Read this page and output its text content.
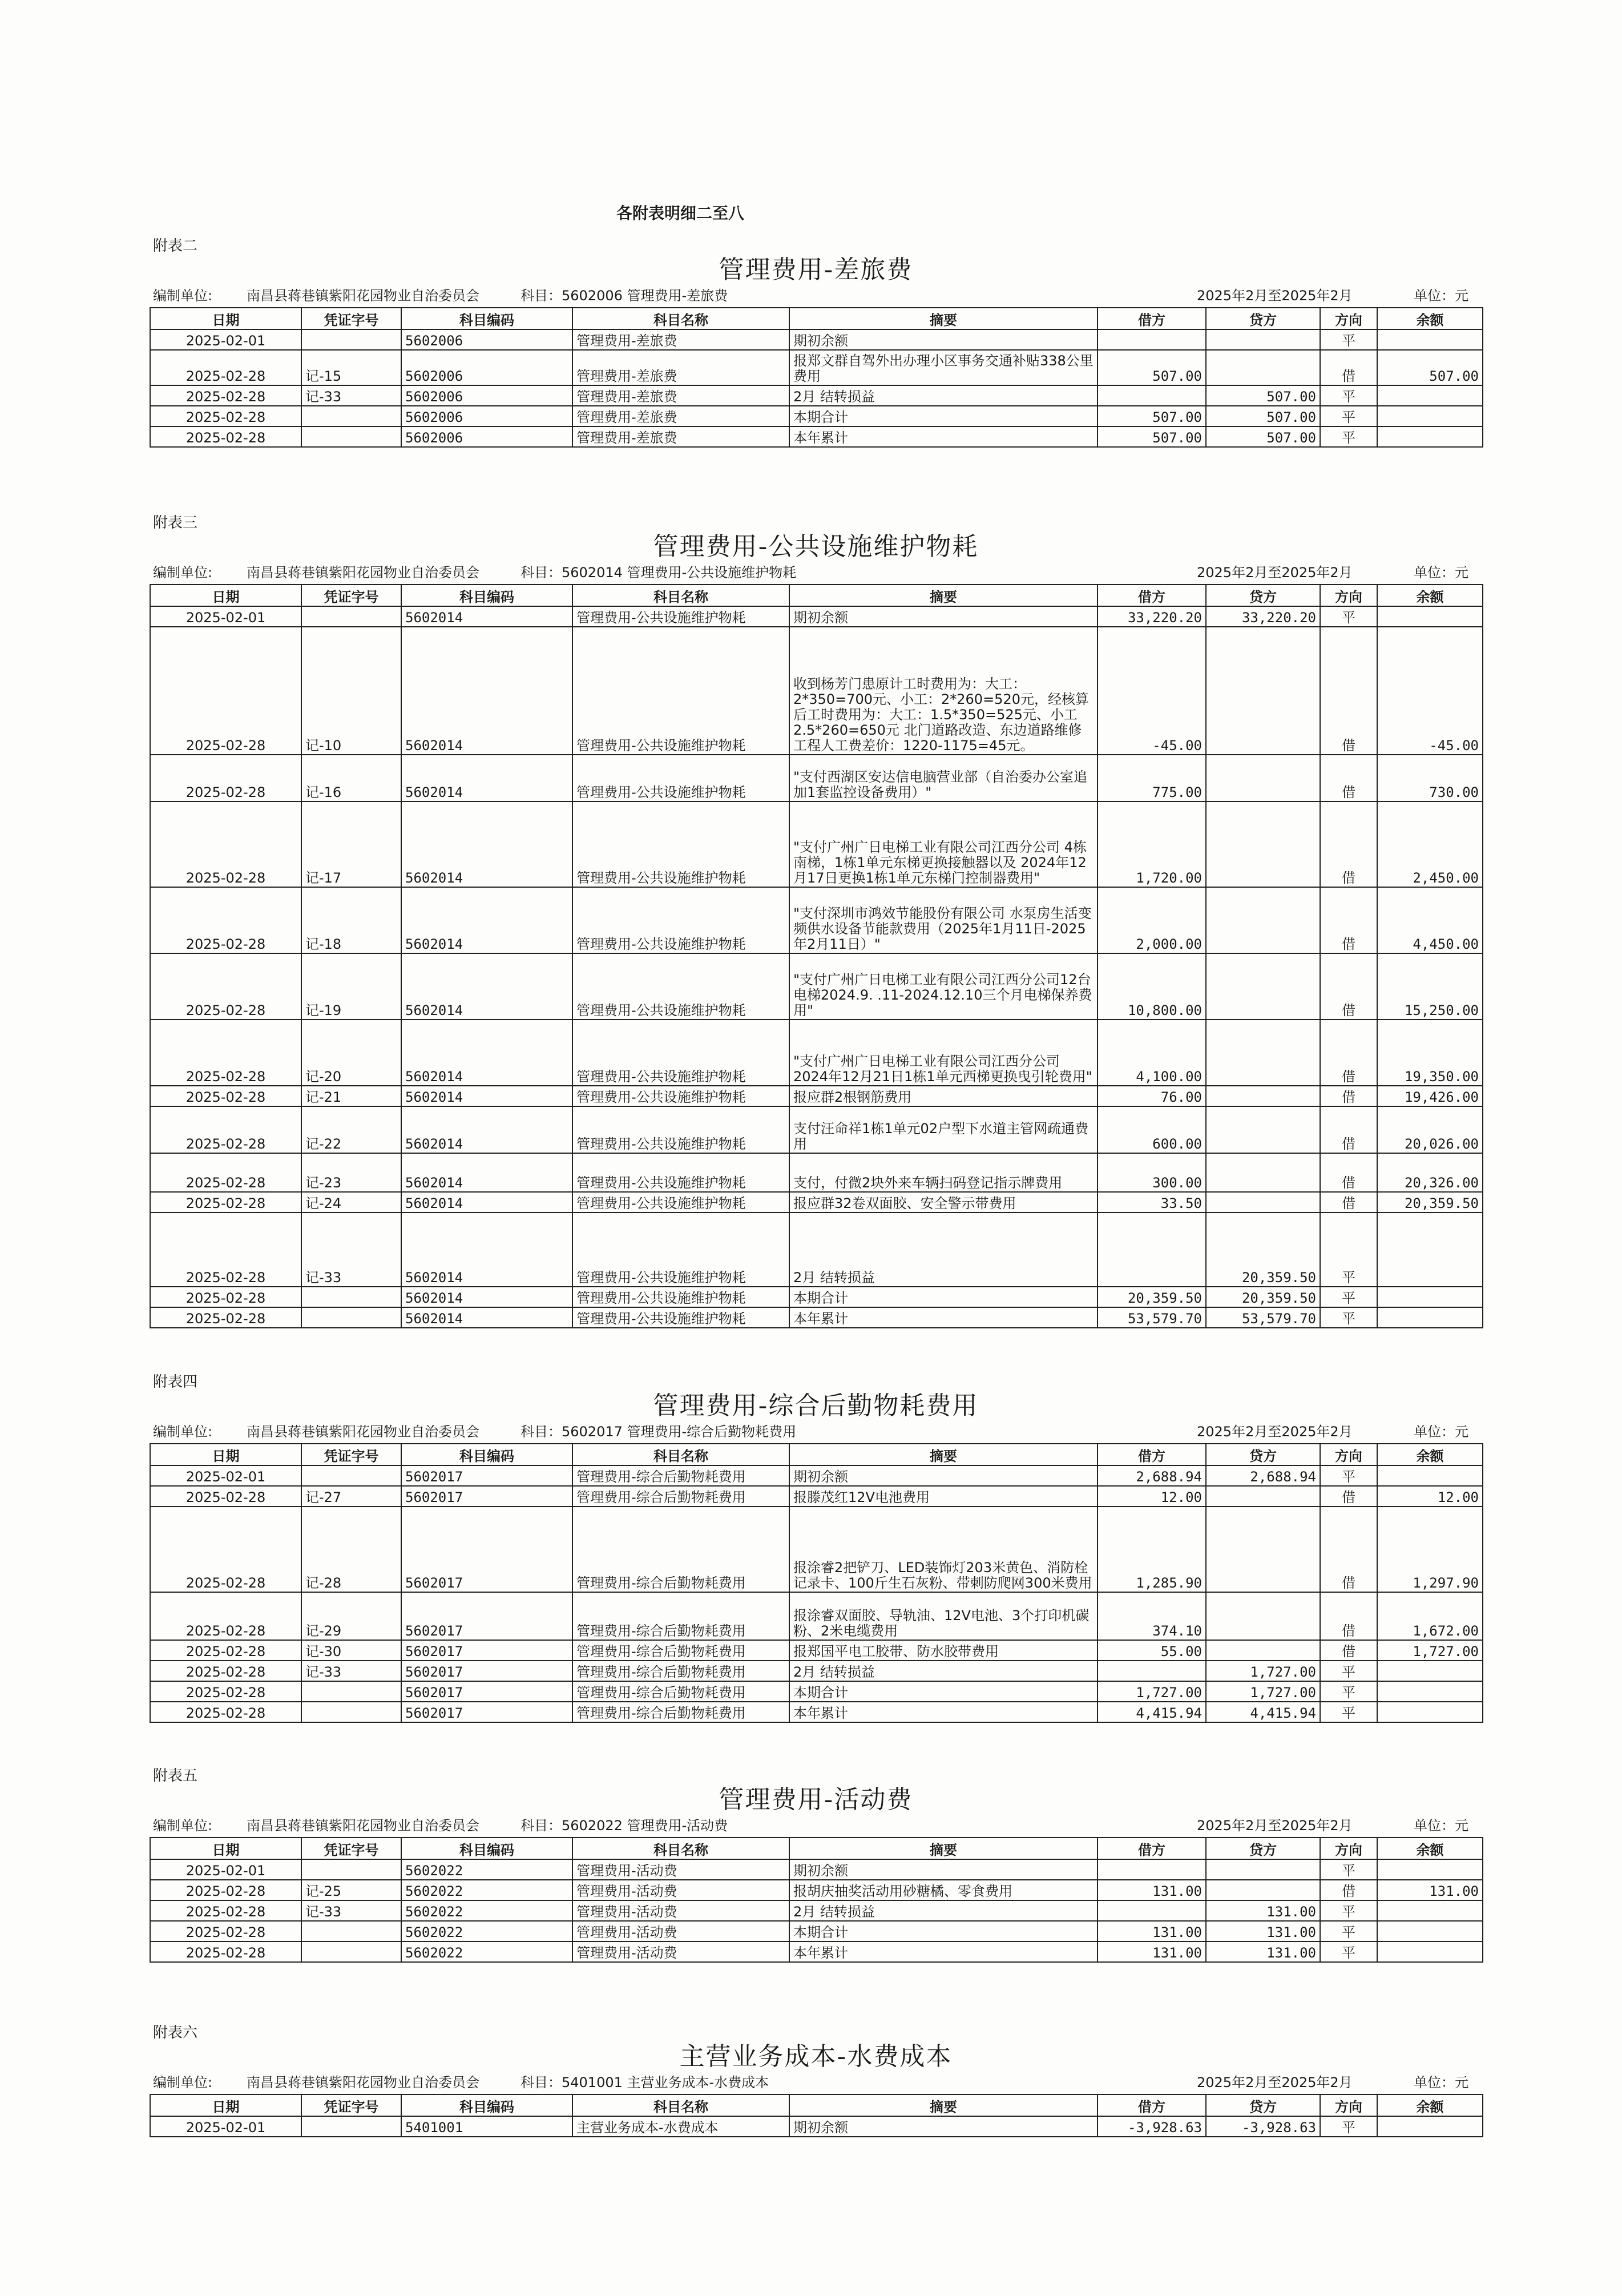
各附表明细二至八
附表二
管理费用-差旅费
编制单位: 南昌县蒋巷镇紫阳花园物业自治委员会	科目：5602006 管理费用-差旅费	2025年2月至2025年2月	单位：元
日期	凭证字号	科目编码	科目名称	摘要	借方	贷方	方向	余额
2025-02-01		5602006	管理费用-差旅费	期初余额			平	
2025-02-28	记-15	5602006	管理费用-差旅费	报郑文群自驾外出办理小区事务交通补贴338公里费用	507.00		借	507.00
2025-02-28	记-33	5602006	管理费用-差旅费	2月 结转损益		507.00	平	
2025-02-28		5602006	管理费用-差旅费	本期合计	507.00	507.00	平	
2025-02-28		5602006	管理费用-差旅费	本年累计	507.00	507.00	平	
附表三
管理费用-公共设施维护物耗
编制单位: 南昌县蒋巷镇紫阳花园物业自治委员会	科目：5602014 管理费用-公共设施维护物耗	2025年2月至2025年2月	单位：元
日期	凭证字号	科目编码	科目名称	摘要	借方	贷方	方向	余额
2025-02-01		5602014	管理费用-公共设施维护物耗	期初余额	33,220.20	33,220.20	平	
2025-02-28	记-10	5602014	管理费用-公共设施维护物耗	收到杨芳门患原计工时费用为：大工：2*350=700元、小工：2*260=520元，经核算后工时费用为：大工：1.5*350=525元、小工2.5*260=650元 北门道路改造、东边道路维修工程人工费差价：1220-1175=45元。	-45.00		借	-45.00
2025-02-28	记-16	5602014	管理费用-公共设施维护物耗	"支付西湖区安达信电脑营业部（自治委办公室追加1套监控设备费用）"	775.00		借	730.00
2025-02-28	记-17	5602014	管理费用-公共设施维护物耗	"支付广州广日电梯工业有限公司江西分公司 4栋南梯，1栋1单元东梯更换接触器以及 2024年12月17日更换1栋1单元东梯门控制器费用"	1,720.00		借	2,450.00
2025-02-28	记-18	5602014	管理费用-公共设施维护物耗	"支付深圳市鸿效节能股份有限公司 水泵房生活变频供水设备节能款费用（2025年1月11日-2025年2月11日）"	2,000.00		借	4,450.00
2025-02-28	记-19	5602014	管理费用-公共设施维护物耗	"支付广州广日电梯工业有限公司江西分公司12台电梯2024.9. .11-2024.12.10三个月电梯保养费用"	10,800.00		借	15,250.00
2025-02-28	记-20	5602014	管理费用-公共设施维护物耗	"支付广州广日电梯工业有限公司江西分公司 2024年12月21日1栋1单元西梯更换曳引轮费用"	4,100.00		借	19,350.00
2025-02-28	记-21	5602014	管理费用-公共设施维护物耗	报应群2根钢筋费用	76.00		借	19,426.00
2025-02-28	记-22	5602014	管理费用-公共设施维护物耗	支付汪命祥1栋1单元02户型下水道主管网疏通费用	600.00		借	20,026.00
2025-02-28	记-23	5602014	管理费用-公共设施维护物耗	支付，付微2块外来车辆扫码登记指示牌费用	300.00		借	20,326.00
2025-02-28	记-24	5602014	管理费用-公共设施维护物耗	报应群32卷双面胶、安全警示带费用	33.50		借	20,359.50
2025-02-28	记-33	5602014	管理费用-公共设施维护物耗	2月 结转损益		20,359.50	平	
2025-02-28		5602014	管理费用-公共设施维护物耗	本期合计	20,359.50	20,359.50	平	
2025-02-28		5602014	管理费用-公共设施维护物耗	本年累计	53,579.70	53,579.70	平	
附表四
管理费用-综合后勤物耗费用
编制单位: 南昌县蒋巷镇紫阳花园物业自治委员会	科目：5602017 管理费用-综合后勤物耗费用	2025年2月至2025年2月	单位：元
日期	凭证字号	科目编码	科目名称	摘要	借方	贷方	方向	余额
2025-02-01		5602017	管理费用-综合后勤物耗费用	期初余额	2,688.94	2,688.94	平	
2025-02-28	记-27	5602017	管理费用-综合后勤物耗费用	报滕茂红12V电池费用	12.00		借	12.00
2025-02-28	记-28	5602017	管理费用-综合后勤物耗费用	报涂睿2把铲刀、LED装饰灯203米黄色、消防栓记录卡、100斤生石灰粉、带刺防爬网300米费用	1,285.90		借	1,297.90
2025-02-28	记-29	5602017	管理费用-综合后勤物耗费用	报涂睿双面胶、导轨油、12V电池、3个打印机碳粉、2米电缆费用	374.10		借	1,672.00
2025-02-28	记-30	5602017	管理费用-综合后勤物耗费用	报郑国平电工胶带、防水胶带费用	55.00		借	1,727.00
2025-02-28	记-33	5602017	管理费用-综合后勤物耗费用	2月 结转损益		1,727.00	平	
2025-02-28		5602017	管理费用-综合后勤物耗费用	本期合计	1,727.00	1,727.00	平	
2025-02-28		5602017	管理费用-综合后勤物耗费用	本年累计	4,415.94	4,415.94	平	
附表五
管理费用-活动费
编制单位: 南昌县蒋巷镇紫阳花园物业自治委员会	科目：5602022 管理费用-活动费	2025年2月至2025年2月	单位：元
日期	凭证字号	科目编码	科目名称	摘要	借方	贷方	方向	余额
2025-02-01		5602022	管理费用-活动费	期初余额			平	
2025-02-28	记-25	5602022	管理费用-活动费	报胡庆抽奖活动用砂糖橘、零食费用	131.00		借	131.00
2025-02-28	记-33	5602022	管理费用-活动费	2月 结转损益		131.00	平	
2025-02-28		5602022	管理费用-活动费	本期合计	131.00	131.00	平	
2025-02-28		5602022	管理费用-活动费	本年累计	131.00	131.00	平	
附表六
主营业务成本-水费成本
编制单位: 南昌县蒋巷镇紫阳花园物业自治委员会	科目：5401001 主营业务成本-水费成本	2025年2月至2025年2月	单位：元
日期	凭证字号	科目编码	科目名称	摘要	借方	贷方	方向	余额
2025-02-01		5401001	主营业务成本-水费成本	期初余额	-3,928.63	-3,928.63	平	
